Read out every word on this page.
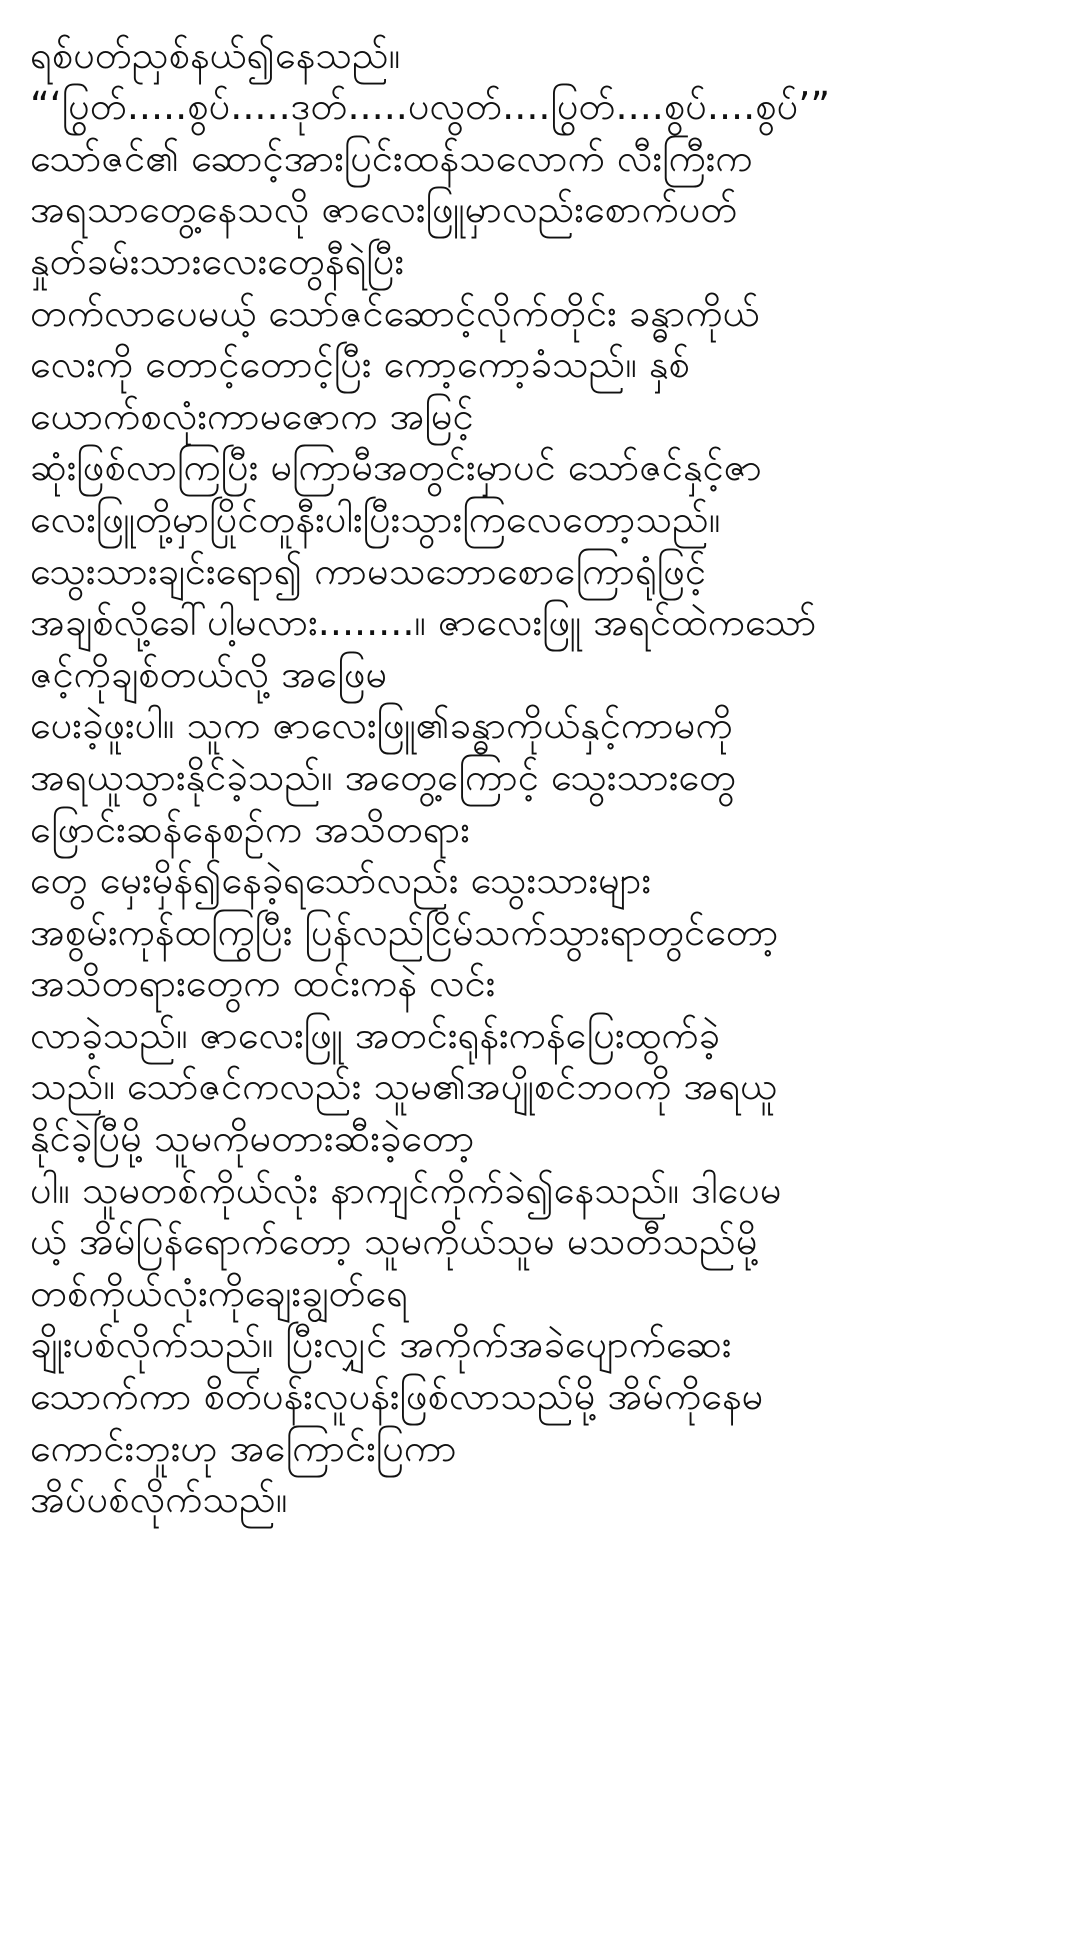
ရစ်ပတ်ညှစ်နယ်၍နေသည်။
“‘ပြွတ်.....စွပ်.....ဒုတ်.....ပလွတ်....ပြွတ်....စွပ်....စွပ်’”
သော်ဇင်၏ ဆောင့်အားပြင်းထန်သလောက် လီးကြီးက
အရသာတွေ့နေသလို ဇာလေးဖြူမှာလည်းစောက်ပတ်
နှုတ်ခမ်းသားလေးတွေနီရဲပြီး
တက်လာပေမယ့် သော်ဇင်ဆောင့်လိုက်တိုင်း ခန္ဓာကိုယ်
လေးကို တောင့်တောင့်ပြီး ကော့ကော့ခံသည်။ နှစ်
ယောက်စလုံးကာမဇောက အမြင့်
ဆုံးဖြစ်လာကြပြီး မကြာမီအတွင်းမှာပင် သော်ဇင်နှင့်ဇာ
လေးဖြူတို့မှာပြိုင်တူနီးပါးပြီးသွားကြလေတော့သည်။
သွေးသားချင်းရော၍ ကာမသဘောစောကြောရုံဖြင့်
အချစ်လို့ခေါ်ပါ့မလား........။ ဇာလေးဖြူ အရင်ထဲကသော်
ဇင့်ကိုချစ်တယ်လို့ အဖြေမ
ပေးခဲ့ဖူးပါ။ သူက ဇာလေးဖြူ၏ခန္ဓာကိုယ်နှင့်ကာမကို
အရယူသွားနိုင်ခဲ့သည်။ အတွေ့ကြောင့် သွေးသားတွေ
ဖြောင်းဆန်နေစဉ်က အသိတရား
တွေ မှေးမှိန်၍နေခဲ့ရသော်လည်း သွေးသားများ
အစွမ်းကုန်ထကြွပြီး ပြန်လည်ငြိမ်သက်သွားရာတွင်တော့
အသိတရားတွေက ထင်းကနဲ လင်း
လာခဲ့သည်။ ဇာလေးဖြူ အတင်းရုန်းကန်ပြေးထွက်ခဲ့
သည်။ သော်ဇင်ကလည်း သူမ၏အပျိုစင်ဘဝကို အရယူ
နိုင်ခဲ့ပြီမို့ သူမကိုမတားဆီးခဲ့တော့
ပါ။ သူမတစ်ကိုယ်လုံး နာကျင်ကိုက်ခဲ၍နေသည်။ ဒါပေမ
ယ့် အိမ်ပြန်ရောက်တော့ သူမကိုယ်သူမ မသတီသည်မို့
တစ်ကိုယ်လုံးကိုချေးချွတ်ရေ
ချိုးပစ်လိုက်သည်။ ပြီးလျှင် အကိုက်အခဲပျောက်ဆေး
သောက်ကာ စိတ်ပန်းလူပန်းဖြစ်လာသည်မို့ အိမ်ကိုနေမ
ကောင်းဘူးဟု အကြောင်းပြကာ
အိပ်ပစ်လိုက်သည်။
